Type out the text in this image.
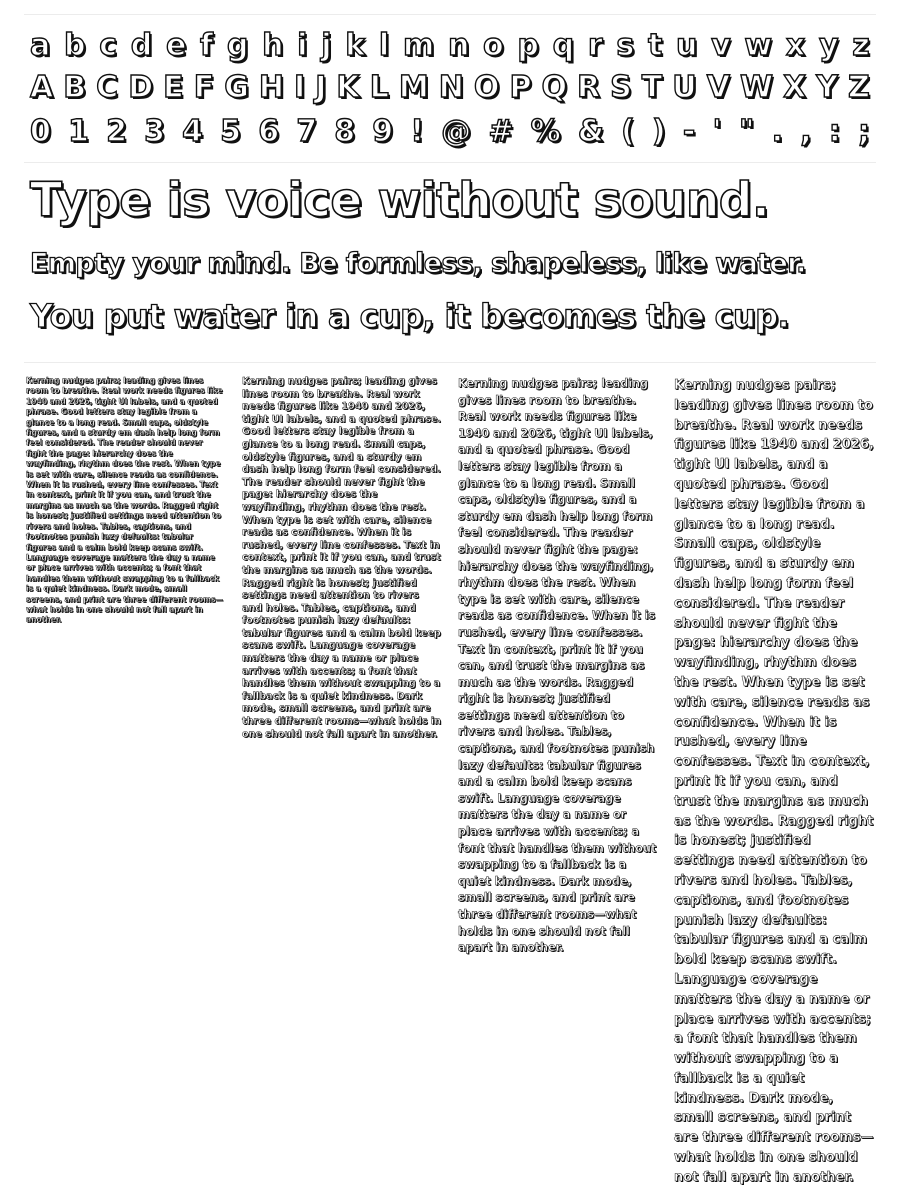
a b c d e f g h i j k l m n o p q r s t u v w x y z
A B C D E F G H I J K L M N O P Q R S T U V W X Y Z
0 1 2 3 4 5 6 7 8 9 ! @ # % & ( ) - ' " . , : ;
Type is voice without sound.
Empty your mind. Be formless, shapeless, like water.
You put water in a cup, it becomes the cup.
Kerning nudges pairs; leading gives lines room to breathe. Real work needs figures like 1940 and 2026, tight UI labels, and a quoted phrase. Good letters stay legible from a glance to a long read. Small caps, oldstyle figures, and a sturdy em dash help long form feel considered. The reader should never fight the page: hierarchy does the wayfinding, rhythm does the rest. When type is set with care, silence reads as confidence. When it is rushed, every line confesses. Text in context, print it if you can, and trust the margins as much as the words. Ragged right is honest; justified settings need attention to rivers and holes. Tables, captions, and footnotes punish lazy defaults: tabular figures and a calm bold keep scans swift. Language coverage matters the day a name or place arrives with accents; a font that handles them without swapping to a fallback is a quiet kindness. Dark mode, small screens, and print are three different rooms—what holds in one should not fall apart in another.
Kerning nudges pairs; leading gives lines room to breathe. Real work needs figures like 1940 and 2026, tight UI labels, and a quoted phrase. Good letters stay legible from a glance to a long read. Small caps, oldstyle figures, and a sturdy em dash help long form feel considered. The reader should never fight the page: hierarchy does the wayfinding, rhythm does the rest. When type is set with care, silence reads as confidence. When it is rushed, every line confesses. Text in context, print it if you can, and trust the margins as much as the words. Ragged right is honest; justified settings need attention to rivers and holes. Tables, captions, and footnotes punish lazy defaults: tabular figures and a calm bold keep scans swift. Language coverage matters the day a name or place arrives with accents; a font that handles them without swapping to a fallback is a quiet kindness. Dark mode, small screens, and print are three different rooms—what holds in one should not fall apart in another.
Kerning nudges pairs; leading gives lines room to breathe. Real work needs figures like 1940 and 2026, tight UI labels, and a quoted phrase. Good letters stay legible from a glance to a long read. Small caps, oldstyle figures, and a sturdy em dash help long form feel considered. The reader should never fight the page: hierarchy does the wayfinding, rhythm does the rest. When type is set with care, silence reads as confidence. When it is rushed, every line confesses. Text in context, print it if you can, and trust the margins as much as the words. Ragged right is honest; justified settings need attention to rivers and holes. Tables, captions, and footnotes punish lazy defaults: tabular figures and a calm bold keep scans swift. Language coverage matters the day a name or place arrives with accents; a font that handles them without swapping to a fallback is a quiet kindness. Dark mode, small screens, and print are three different rooms—what holds in one should not fall apart in another.
Kerning nudges pairs; leading gives lines room to breathe. Real work needs figures like 1940 and 2026, tight UI labels, and a quoted phrase. Good letters stay legible from a glance to a long read. Small caps, oldstyle figures, and a sturdy em dash help long form feel considered. The reader should never fight the page: hierarchy does the wayfinding, rhythm does the rest. When type is set with care, silence reads as confidence. When it is rushed, every line confesses. Text in context, print it if you can, and trust the margins as much as the words. Ragged right is honest; justified settings need attention to rivers and holes. Tables, captions, and footnotes punish lazy defaults: tabular figures and a calm bold keep scans swift. Language coverage matters the day a name or place arrives with accents; a font that handles them without swapping to a fallback is a quiet kindness. Dark mode, small screens, and print are three different rooms—what holds in one should not fall apart in another.
